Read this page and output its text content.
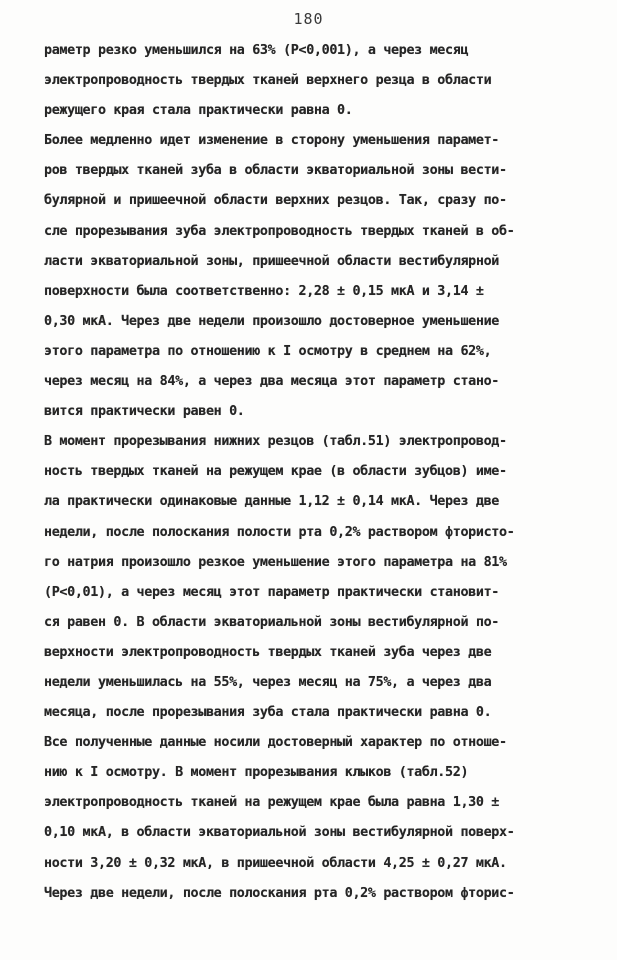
180
раметр резко уменьшился на 63% (Р<0,001), а через месяц
электропроводность твердых тканей верхнего резца в области
режущего края стала практически равна 0.
Более медленно идет изменение в сторону уменьшения парамет-
ров твердых тканей зуба в области экваториальной зоны вести-
булярной и пришеечной области верхних резцов. Так, сразу по-
сле прорезывания зуба электропроводность твердых тканей в об-
ласти экваториальной зоны, пришеечной области вестибулярной
поверхности была соответственно: 2,28 ± 0,15 мкА и 3,14 ±
0,30 мкА. Через две недели произошло достоверное уменьшение
этого параметра по отношению к I осмотру в среднем на 62%,
через месяц на 84%, а через два месяца этот параметр стано-
вится практически равен 0.
В момент прорезывания нижних резцов (табл.51) электропровод-
ность твердых тканей на режущем крае (в области зубцов) име-
ла практически одинаковые данные 1,12 ± 0,14 мкА. Через две
недели, после полоскания полости рта 0,2% раствором фтористо-
го натрия произошло резкое уменьшение этого параметра на 81%
(Р<0,01), а через месяц этот параметр практически становит-
ся равен 0. В области экваториальной зоны вестибулярной по-
верхности электропроводность твердых тканей зуба через две
недели уменьшилась на 55%, через месяц на 75%, а через два
месяца, после прорезывания зуба стала практически равна 0.
Все полученные данные носили достоверный характер по отноше-
нию к I осмотру. В момент прорезывания клыков (табл.52)
электропроводность тканей на режущем крае была равна 1,30 ±
0,10 мкА, в области экваториальной зоны вестибулярной поверх-
ности 3,20 ± 0,32 мкА, в пришеечной области 4,25 ± 0,27 мкА.
Через две недели, после полоскания рта 0,2% раствором фторис-
